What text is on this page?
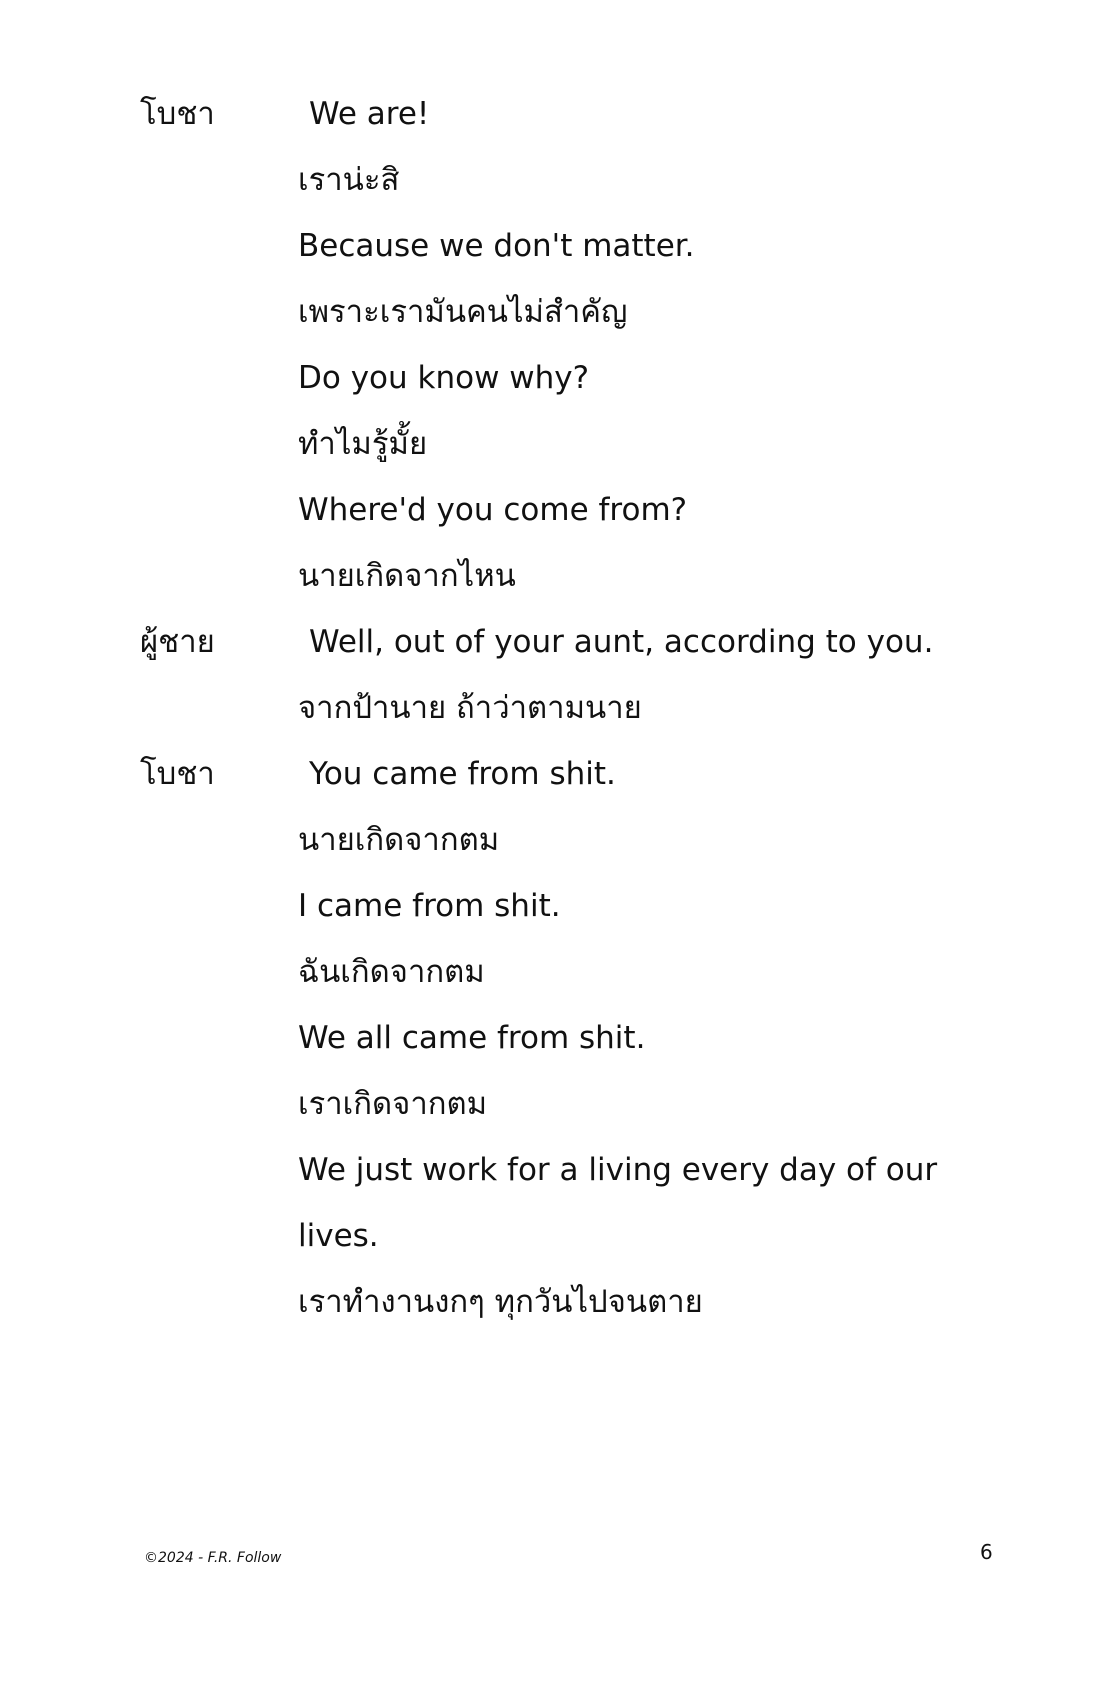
โบชา	We are!
เราน่ะสิ
Because we don't matter.
เพราะเรามันคนไม่สำคัญ
Do you know why?
ทำไมรู้มั้ย
Where'd you come from?
นายเกิดจากไหน
ผู้ชาย	Well, out of your aunt, according to you.
จากป้านาย ถ้าว่าตามนาย
โบชา	You came from shit.
นายเกิดจากตม
I came from shit.
ฉันเกิดจากตม
We all came from shit.
เราเกิดจากตม
We just work for a living every day of our
lives.
เราทำงานงกๆ ทุกวันไปจนตาย
©2024 - F.R. Follow	6
